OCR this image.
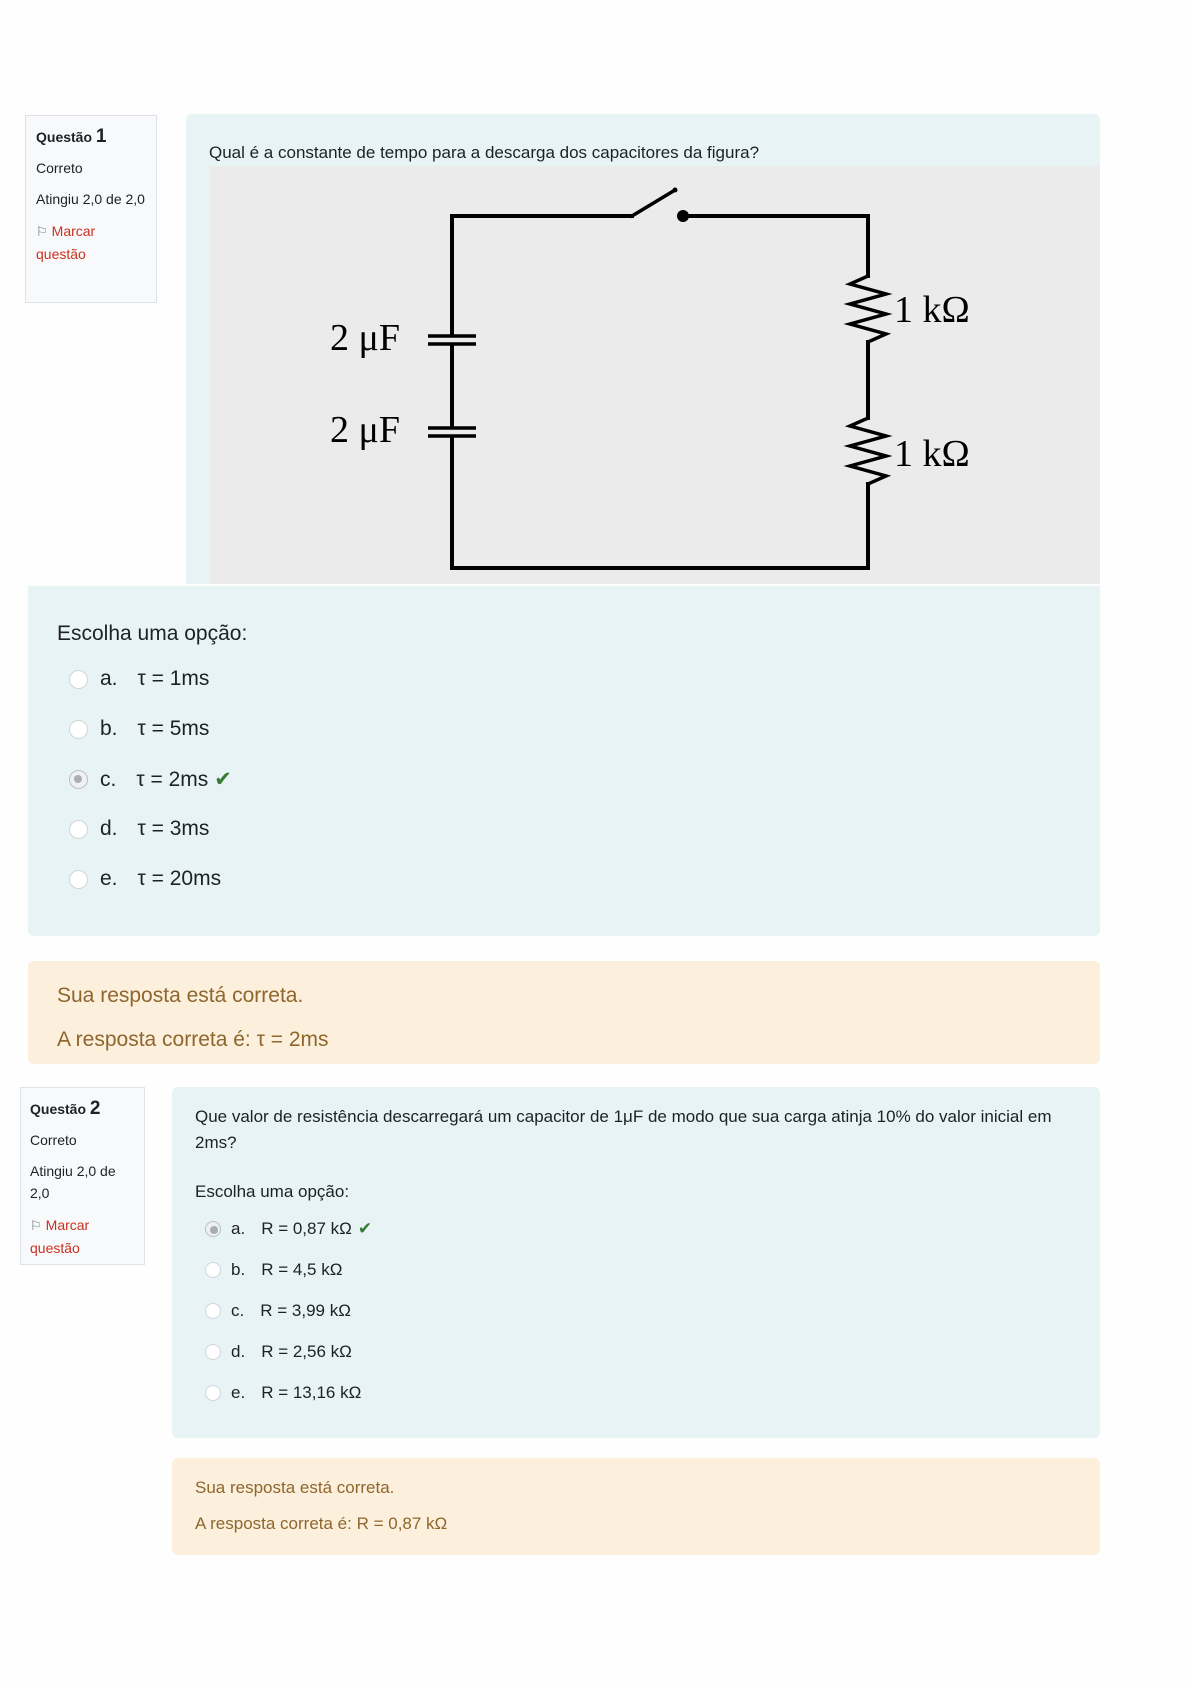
Questão 1
Correto
Atingiu 2,0 de 2,0
⚐ Marcar questão
Qual é a constante de tempo para a descarga dos capacitores da figura?
2 μF
2 μF
1 kΩ
1 kΩ
Escolha uma opção:
a. τ = 1ms
b. τ = 5ms
c. τ = 2ms ✔
d. τ = 3ms
e. τ = 20ms
Sua resposta está correta.
A resposta correta é: τ = 2ms
Questão 2
Correto
Atingiu 2,0 de 2,0
⚐ Marcar questão
Que valor de resistência descarregará um capacitor de 1μF de modo que sua carga atinja 10% do valor inicial em 2ms?
Escolha uma opção:
a. R = 0,87 kΩ ✔
b. R = 4,5 kΩ
c. R = 3,99 kΩ
d. R = 2,56 kΩ
e. R = 13,16 kΩ
Sua resposta está correta.
A resposta correta é: R = 0,87 kΩ
